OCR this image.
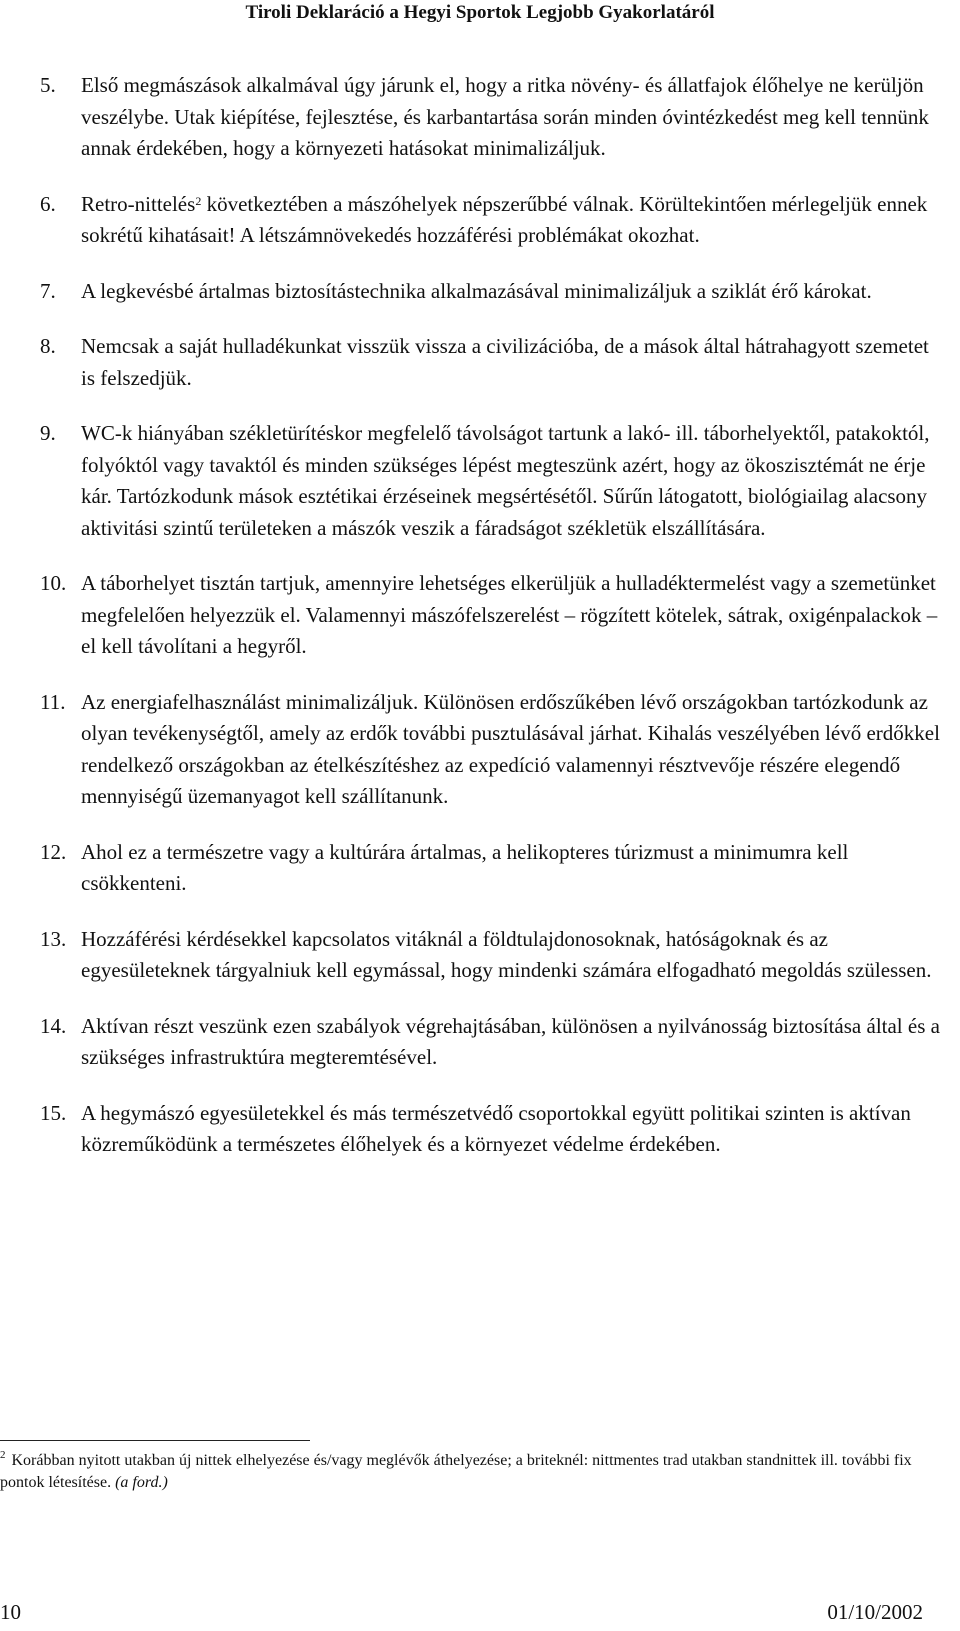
Tiroli Deklaráció a Hegyi Sportok Legjobb Gyakorlatáról
5. Első megmászások alkalmával úgy járunk el, hogy a ritka növény- és állatfajok élőhelye ne kerüljön veszélybe. Utak kiépítése, fejlesztése, és karbantartása során minden óvintézkedést meg kell tennünk annak érdekében, hogy a környezeti hatásokat minimalizáljuk.
6. Retro-nittelés$^2$ következtében a mászóhelyek népszerűbbé válnak. Körültekintően mérlegeljük ennek sokrétű kihatásait! A létszámnövekedés hozzáférési problémákat okozhat.
7. A legkevésbé ártalmas biztosítástechnika alkalmazásával minimalizáljuk a sziklát érő károkat.
8. Nemcsak a saját hulladékunkat visszük vissza a civilizációba, de a mások által hátrahagyott szemetet is felszedjük.
9. WC-k hiányában székletürítéskor megfelelő távolságot tartunk a lakó- ill. táborhelyektől, patakoktól, folyóktól vagy tavaktól és minden szükséges lépést megteszünk azért, hogy az ökoszisztémát ne érje kár. Tartózkodunk mások esztétikai érzéseinek megsértésétől. Sűrűn látogatott, biológiailag alacsony aktivitási szintű területeken a mászók veszik a fáradságot székletük elszállítására.
10. A táborhelyet tisztán tartjuk, amennyire lehetséges elkerüljük a hulladéktermelést vagy a szemetünket megfelelően helyezzük el. Valamennyi mászófelszerelést – rögzített kötelek, sátrak, oxigénpalackok – el kell távolítani a hegyről.
11. Az energiafelhasználást minimalizáljuk. Különösen erdőszűkében lévő országokban tartózkodunk az olyan tevékenységtől, amely az erdők további pusztulásával járhat. Kihalás veszélyében lévő erdőkkel rendelkező országokban az ételkészítéshez az expedíció valamennyi résztvevője részére elegendő mennyiségű üzemanyagot kell szállítanunk.
12. Ahol ez a természetre vagy a kultúrára ártalmas, a helikopteres túrizmust a minimumra kell csökkenteni.
13. Hozzáférési kérdésekkel kapcsolatos vitáknál a földtulajdonosoknak, hatóságoknak és az egyesületeknek tárgyalniuk kell egymással, hogy mindenki számára elfogadható megoldás szülessen.
14. Aktívan részt veszünk ezen szabályok végrehajtásában, különösen a nyilvánosság biztosítása által és a szükséges infrastruktúra megteremtésével.
15. A hegymászó egyesületekkel és más természetvédő csoportokkal együtt politikai szinten is aktívan közreműködünk a természetes élőhelyek és a környezet védelme érdekében.
$^2$ Korábban nyitott utakban új nittek elhelyezése és/vagy meglévők áthelyezése; a briteknél: nittmentes trad utakban standnittek ill. további fix pontok létesítése. (a ford.)
10	01/10/2002
